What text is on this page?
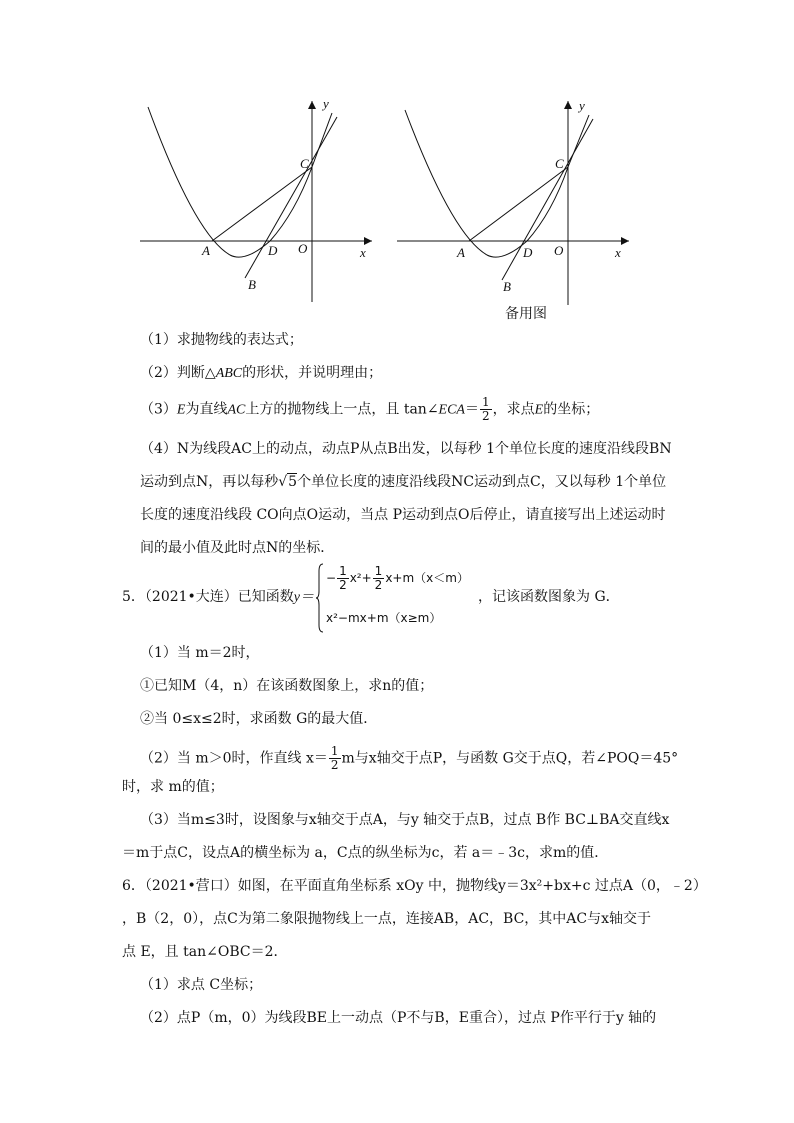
y
x
C
A	D O
B
y
x
C
A	D O
B
备用图
（1）求抛物线的表达式；
（2）判断△ABC的形状，并说明理由；
（3）E为直线AC上方的抛物线上一点，且 tan∠ECA＝ $\frac{1}{2}$ ，求点E的坐标；
（4）N为线段AC上的动点，动点P从点B出发，以每秒 1个单位长度的速度沿线段BN
运动到点N，再以每秒√5个单位长度的速度沿线段NC运动到点C，又以每秒 1个单位
长度的速度沿线段 CO向点O运动，当点 P运动到点O后停止，请直接写出上述运动时
间的最小值及此时点N的坐标．
5．（2021•大连）已知函数y＝
− $\frac{1}{2} x^2+ \frac{1}{2} x+m(x<m)$
x²−mx+m（x≥m）
，记该函数图象为 G．
（1）当 m＝2时，
①已知M（4，n）在该函数图象上，求n的值；
②当 0≤x≤2时，求函数 G的最大值．
（2）当 m＞0时，作直线 $x= \frac{1}{2}$ m与x轴交于点P，与函数 G交于点Q，若∠POQ＝45°
时，求 m的值；
（3）当m≤3时，设图象与x轴交于点A，与y 轴交于点B，过点 B作 BC⊥BA交直线x
＝m于点C，设点A的横坐标为 a，C点的纵坐标为c，若 a＝﹣3c，求m的值．
6．（2021•营口）如图，在平面直角坐标系 xOy 中，抛物线y＝3x²+bx+c 过点A（0，﹣2）
，B（2，0），点C为第二象限抛物线上一点，连接AB，AC，BC，其中AC与x轴交于
点 E，且 tan∠OBC＝2．
（1）求点 C坐标；
（2）点P（m，0）为线段BE上一动点（P不与B，E重合），过点 P作平行于y 轴的
